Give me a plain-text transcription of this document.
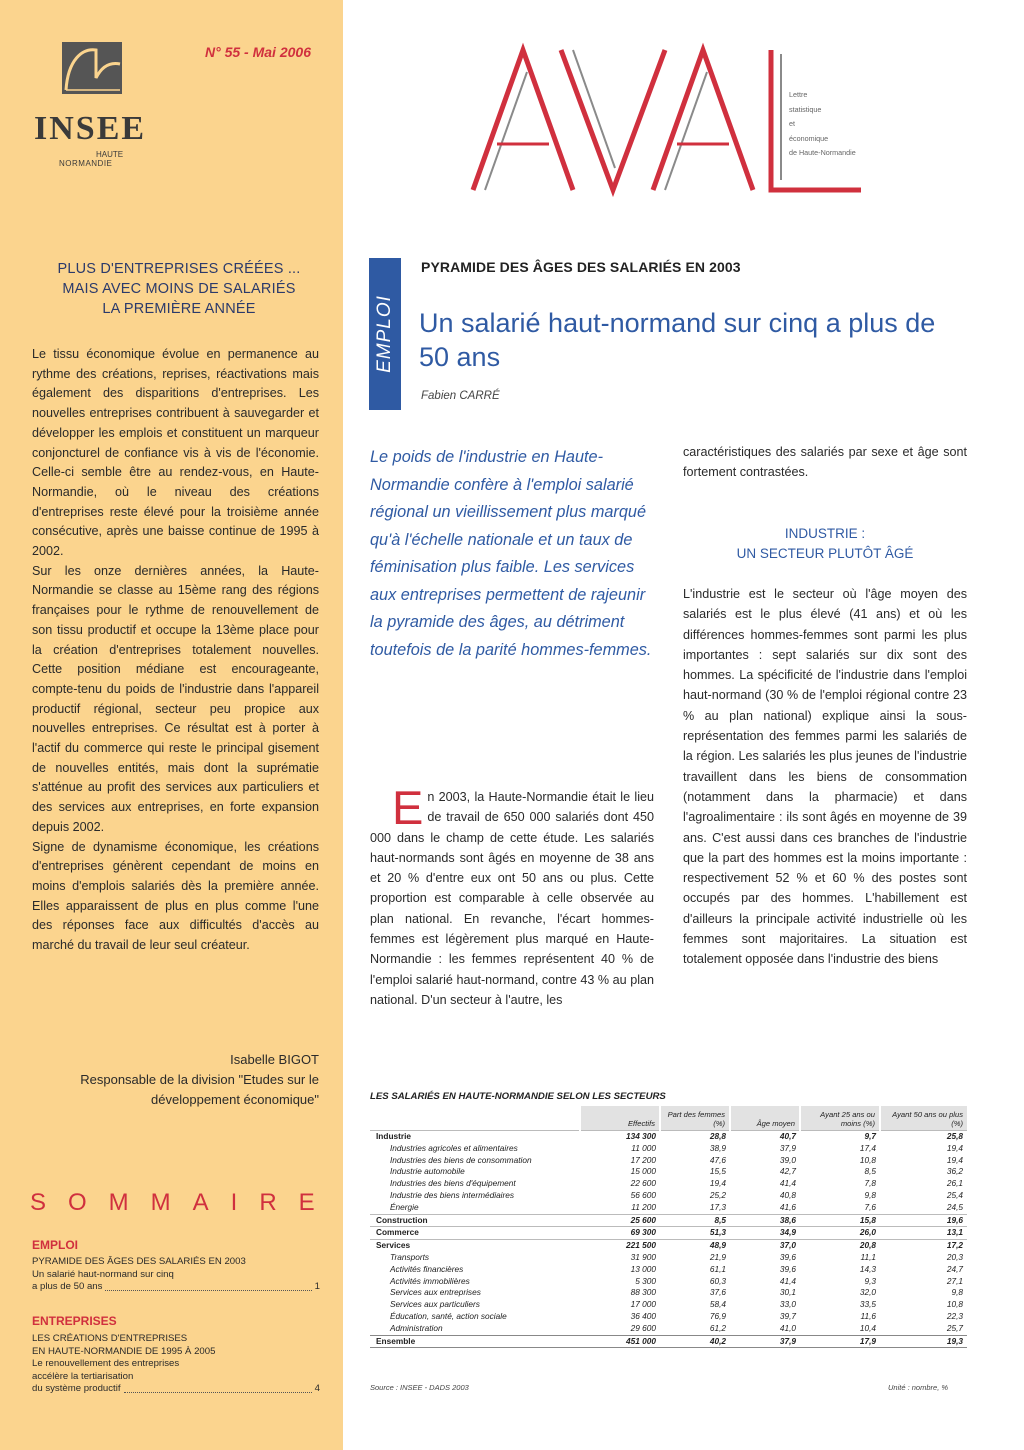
INSEE
HAUTE
NORMANDIE
N° 55 - Mai 2006
PLUS D'ENTREPRISES CRÉÉES ...
MAIS AVEC MOINS DE SALARIÉS
LA PREMIÈRE ANNÉE

Le tissu économique évolue en permanence au rythme des créations, reprises, réactivations mais également des disparitions d'entreprises. Les nouvelles entreprises contribuent à sauvegarder et développer les emplois et constituent un marqueur conjoncturel de confiance vis à vis de l'économie. Celle-ci semble être au rendez-vous, en Haute-Normandie, où le niveau des créations d'entreprises reste élevé pour la troisième année consécutive, après une baisse continue de 1995 à 2002.
Sur les onze dernières années, la Haute-Normandie se classe au 15ème rang des régions françaises pour le rythme de renouvellement de son tissu productif et occupe la 13ème place pour la création d'entreprises totalement nouvelles. Cette position médiane est encourageante, compte-tenu du poids de l'industrie dans l'appareil productif régional, secteur peu propice aux nouvelles entreprises. Ce résultat est à porter à l'actif du commerce qui reste le principal gisement de nouvelles entités, mais dont la suprématie s'atténue au profit des services aux particuliers et des services aux entreprises, en forte expansion depuis 2002.
Signe de dynamisme économique, les créations d'entreprises génèrent cependant de moins en moins d'emplois salariés dès la première année. Elles apparaissent de plus en plus comme l'une des réponses face aux difficultés d'accès au marché du travail de leur seul créateur.

Isabelle BIGOT
Responsable de la division "Etudes sur le développement économique"
SOMMAIRE
EMPLOI
PYRAMIDE DES ÂGES DES SALARIÉS EN 2003
Un salarié haut-normand sur cinq
a plus de 50 ans	1
ENTREPRISES
LES CRÉATIONS D'ENTREPRISES
EN HAUTE-NORMANDIE DE 1995 À 2005
Le renouvellement des entreprises
accélère la tertiarisation
du système productif	4
AVAL
Lettre
statistique
et
économique
de Haute-Normandie
EMPLOI
PYRAMIDE DES ÂGES DES SALARIÉS EN 2003
Un salarié haut-normand sur cinq a plus de 50 ans
Fabien CARRÉ

Le poids de l'industrie en Haute-Normandie confère à l'emploi salarié régional un vieillissement plus marqué qu'à l'échelle nationale et un taux de féminisation plus faible. Les services aux entreprises permettent de rajeunir la pyramide des âges, au détriment toutefois de la parité hommes-femmes.

En 2003, la Haute-Normandie était le lieu de travail de 650 000 salariés dont 450 000 dans le champ de cette étude. Les salariés haut-normands sont âgés en moyenne de 38 ans et 20 % d'entre eux ont 50 ans ou plus. Cette proportion est comparable à celle observée au plan national. En revanche, l'écart hommes-femmes est légèrement plus marqué en Haute-Normandie : les femmes représentent 40 % de l'emploi salarié haut-normand, contre 43 % au plan national. D'un secteur à l'autre, les

caractéristiques des salariés par sexe et âge sont fortement contrastées.

INDUSTRIE :
UN SECTEUR PLUTÔT ÂGÉ

L'industrie est le secteur où l'âge moyen des salariés est le plus élevé (41 ans) et où les différences hommes-femmes sont parmi les plus importantes : sept salariés sur dix sont des hommes. La spécificité de l'industrie dans l'emploi haut-normand (30 % de l'emploi régional contre 23 % au plan national) explique ainsi la sous-représentation des femmes parmi les salariés de la région. Les salariés les plus jeunes de l'industrie travaillent dans les biens de consommation (notamment dans la pharmacie) et dans l'agroalimentaire : ils sont âgés en moyenne de 39 ans. C'est aussi dans ces branches de l'industrie que la part des hommes est la moins importante : respectivement 52 % et 60 % des postes sont occupés par des hommes. L'habillement est d'ailleurs la principale activité industrielle où les femmes sont majoritaires. La situation est totalement opposée dans l'industrie des biens

LES SALARIÉS EN HAUTE-NORMANDIE SELON LES SECTEURS
	Effectifs	Part des femmes (%)	Âge moyen	Ayant 25 ans ou moins (%)	Ayant 50 ans ou plus (%)
Industrie	134 300	28,8	40,7	9,7	25,8
Industries agricoles et alimentaires	11 000	38,9	37,9	17,4	19,4
Industries des biens de consommation	17 200	47,6	39,0	10,8	19,4
Industrie automobile	15 000	15,5	42,7	8,5	36,2
Industries des biens d'équipement	22 600	19,4	41,4	7,8	26,1
Industrie des biens intermédiaires	56 600	25,2	40,8	9,8	25,4
Énergie	11 200	17,3	41,6	7,6	24,5
Construction	25 600	8,5	38,6	15,8	19,6
Commerce	69 300	51,3	34,9	26,0	13,1
Services	221 500	48,9	37,0	20,8	17,2
Transports	31 900	21,9	39,6	11,1	20,3
Activités financières	13 000	61,1	39,6	14,3	24,7
Activités immobilières	5 300	60,3	41,4	9,3	27,1
Services aux entreprises	88 300	37,6	30,1	32,0	9,8
Services aux particuliers	17 000	58,4	33,0	33,5	10,8
Éducation, santé, action sociale	36 400	76,9	39,7	11,6	22,3
Administration	29 600	61,2	41,0	10,4	25,7
Ensemble	451 000	40,2	37,9	17,9	19,3
Source : INSEE - DADS 2003	Unité : nombre, %
